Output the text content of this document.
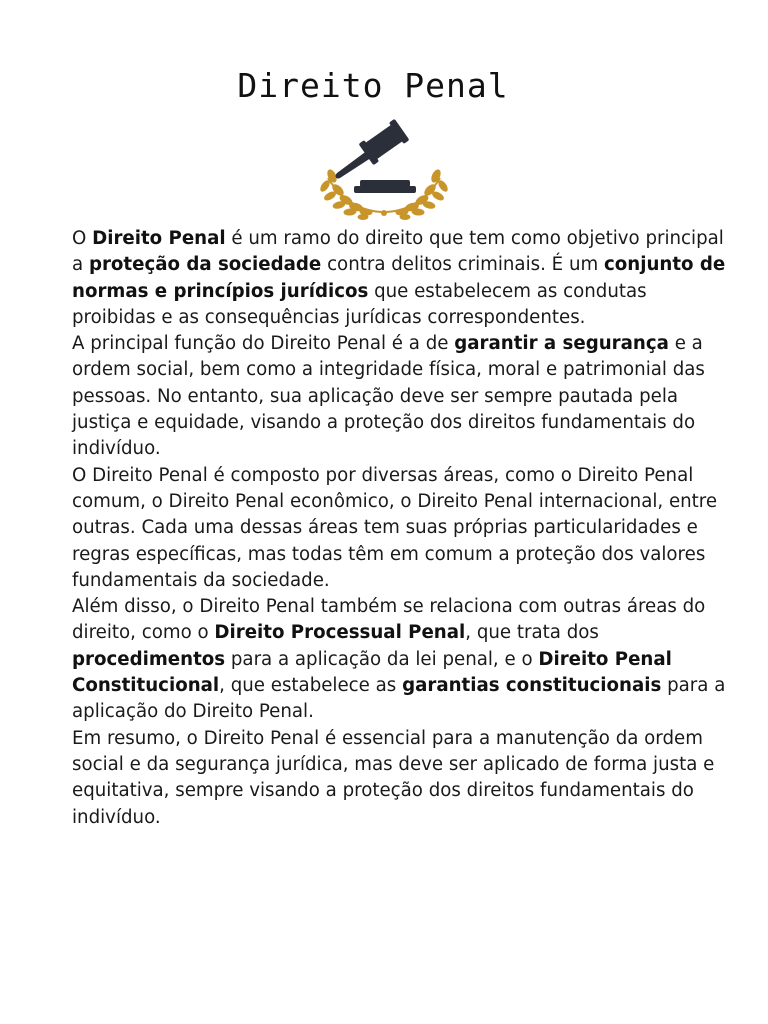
Direito Penal

O Direito Penal é um ramo do direito que tem como objetivo principal a proteção da sociedade contra delitos criminais. É um conjunto de normas e princípios jurídicos que estabelecem as condutas proibidas e as consequências jurídicas correspondentes.

A principal função do Direito Penal é a de garantir a segurança e a ordem social, bem como a integridade física, moral e patrimonial das pessoas. No entanto, sua aplicação deve ser sempre pautada pela justiça e equidade, visando a proteção dos direitos fundamentais do indivíduo.

O Direito Penal é composto por diversas áreas, como o Direito Penal comum, o Direito Penal econômico, o Direito Penal internacional, entre outras. Cada uma dessas áreas tem suas próprias particularidades e regras específicas, mas todas têm em comum a proteção dos valores fundamentais da sociedade.

Além disso, o Direito Penal também se relaciona com outras áreas do direito, como o Direito Processual Penal, que trata dos procedimentos para a aplicação da lei penal, e o Direito Penal Constitucional, que estabelece as garantias constitucionais para a aplicação do Direito Penal.

Em resumo, o Direito Penal é essencial para a manutenção da ordem social e da segurança jurídica, mas deve ser aplicado de forma justa e equitativa, sempre visando a proteção dos direitos fundamentais do indivíduo.
